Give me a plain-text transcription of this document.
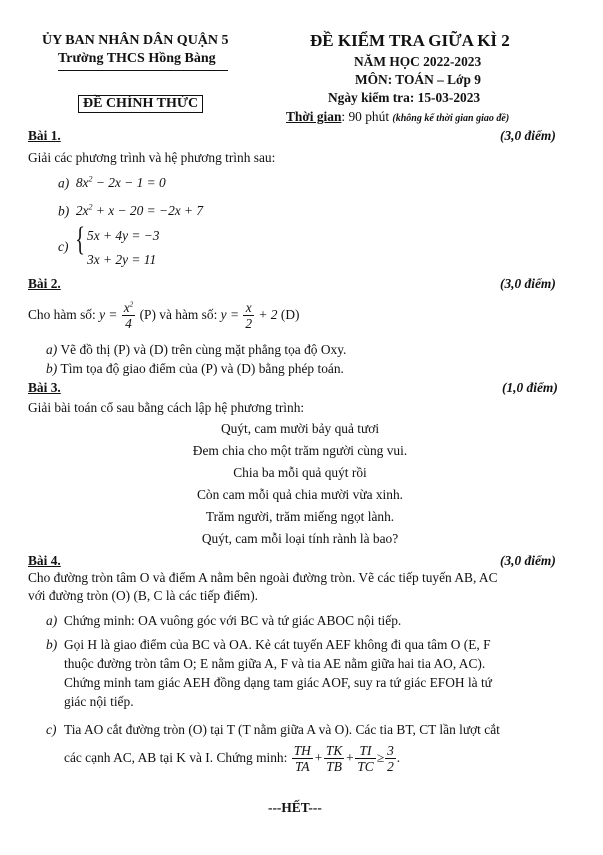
ỦY BAN NHÂN DÂN QUẬN 5
Trường THCS Hồng Bàng
ĐỀ CHÍNH THỨC
ĐỀ KIỂM TRA GIỮA KÌ 2
NĂM HỌC 2022-2023
MÔN: TOÁN – Lớp 9
Ngày kiểm tra: 15-03-2023
Thời gian: 90 phút (không kể thời gian giao đề)
Bài 1.	(3,0 điểm)
Giải các phương trình và hệ phương trình sau:
a) $8x^2 - 2x - 1 = 0$
b) $2x^2 + x - 20 = -2x + 7$
c) { 5x + 4y = −3
3x + 2y = 11
Bài 2.	(3,0 điểm)
Cho hàm số: $y = \frac{x^2}{4} (P)$ và hàm số: $y = \frac{x}{2} + 2$ (D)
a) Vẽ đồ thị (P) và (D) trên cùng mặt phẳng tọa độ Oxy.
b) Tìm tọa độ giao điểm của (P) và (D) bằng phép toán.
Bài 3.	(1,0 điểm)
Giải bài toán cổ sau bằng cách lập hệ phương trình:
Quýt, cam mười bảy quả tươi
Đem chia cho một trăm người cùng vui.
Chia ba mỗi quả quýt rồi
Còn cam mỗi quả chia mười vừa xinh.
Trăm người, trăm miếng ngọt lành.
Quýt, cam mỗi loại tính rành là bao?
Bài 4.	(3,0 điểm)
Cho đường tròn tâm O và điểm A nằm bên ngoài đường tròn. Vẽ các tiếp tuyến AB, AC
với đường tròn (O) (B, C là các tiếp điểm).
a) Chứng minh: OA vuông góc với BC và tứ giác ABOC nội tiếp.
b) Gọi H là giao điểm của BC và OA. Kẻ cát tuyến AEF không đi qua tâm O (E, F
thuộc đường tròn tâm O; E nằm giữa A, F và tia AE nằm giữa hai tia AO, AC).
Chứng minh tam giác AEH đồng dạng tam giác AOF, suy ra tứ giác EFOH là tứ
giác nội tiếp.
c) Tia AO cắt đường tròn (O) tại T (T nằm giữa A và O). Các tia BT, CT lần lượt cắt
các cạnh AC, AB tại K và I. Chứng minh: $\frac{TH}{TA} + \frac{TK}{TB} + \frac{TI}{TC} \ge \frac{3}{2}$ .
---HẾT---
